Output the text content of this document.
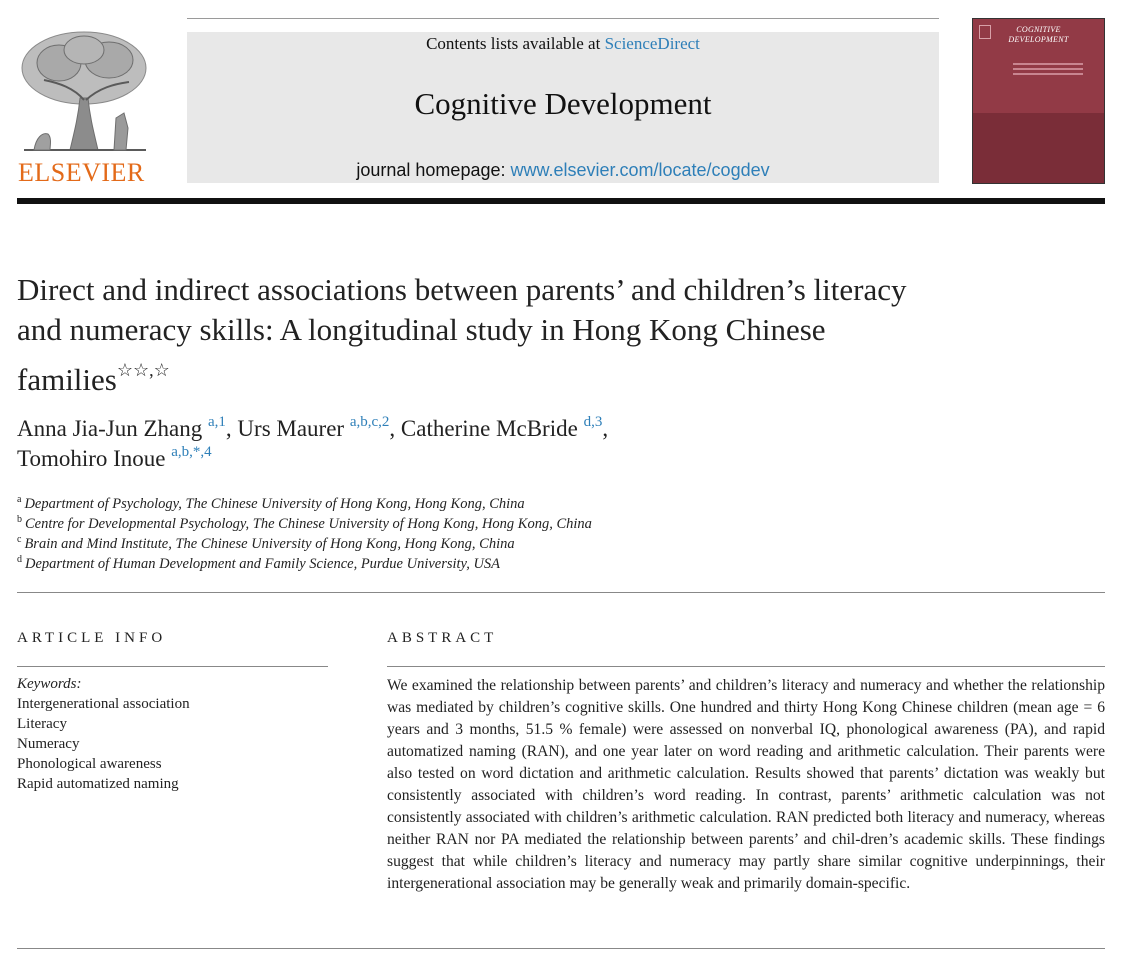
ELSEVIER
Contents lists available at ScienceDirect
Cognitive Development
journal homepage: www.elsevier.com/locate/cogdev
COGNITIVE
DEVELOPMENT
Direct and indirect associations between parents’ and children’s literacy and numeracy skills: A longitudinal study in Hong Kong Chinese families☆☆,☆
Anna Jia-Jun Zhang $^{a,1}$, Urs Maurer $^{a,b,c,2}$, Catherine McBride $^{d,3}$,
Tomohiro Inoue $^{a,b,*,4}$
$^a$ Department of Psychology, The Chinese University of Hong Kong, Hong Kong, China
$^b$ Centre for Developmental Psychology, The Chinese University of Hong Kong, Hong Kong, China
$^c$ Brain and Mind Institute, The Chinese University of Hong Kong, Hong Kong, China
$^d$ Department of Human Development and Family Science, Purdue University, USA
ARTICLE INFO
Keywords:
Intergenerational association
Literacy
Numeracy
Phonological awareness
Rapid automatized naming
ABSTRACT
We examined the relationship between parents’ and children’s literacy and numeracy and whether the relationship was mediated by children’s cognitive skills. One hundred and thirty Hong Kong Chinese children (mean age = 6 years and 3 months, 51.5 % female) were assessed on nonverbal IQ, phonological awareness (PA), and rapid automatized naming (RAN), and one year later on word reading and arithmetic calculation. Their parents were also tested on word dictation and arithmetic calculation. Results showed that parents’ dictation was weakly but consistently associated with children’s word reading. In contrast, parents’ arithmetic calculation was not consistently associated with children’s arithmetic calculation. RAN predicted both literacy and numeracy, whereas neither RAN nor PA mediated the relationship between parents’ and chil-dren’s academic skills. These findings suggest that while children’s literacy and numeracy may partly share similar cognitive underpinnings, their intergenerational association may be generally weak and primarily domain-specific.
